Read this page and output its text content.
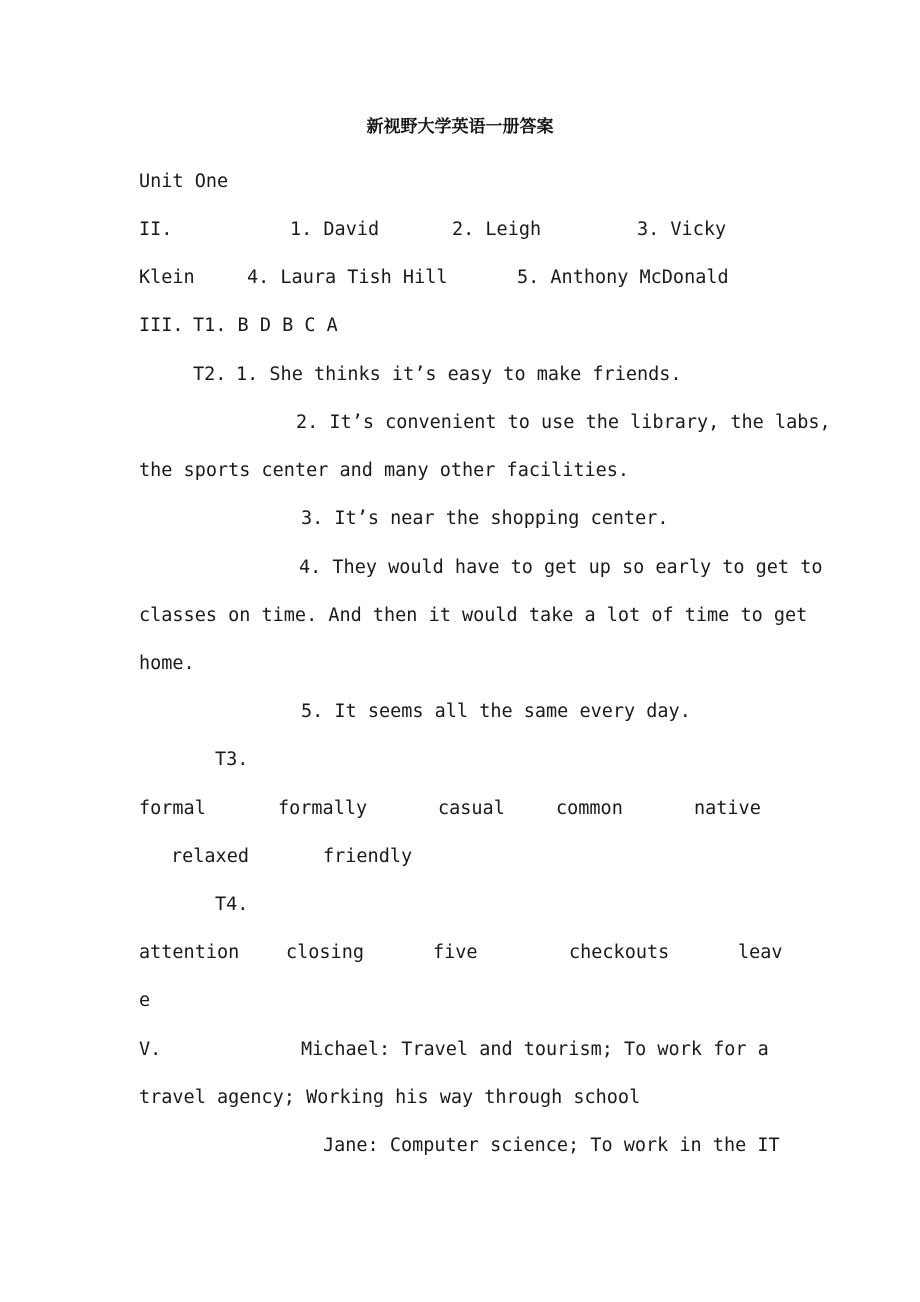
新视野大学英语一册答案
Unit One
II.	1. David	2. Leigh	3. Vicky
Klein	4. Laura Tish Hill	5. Anthony McDonald
III. T1. B D B C A
T2. 1. She thinks it’s easy to make friends.
2. It’s convenient to use the library, the labs,
the sports center and many other facilities.
3. It’s near the shopping center.
4. They would have to get up so early to get to
classes on time. And then it would take a lot of time to get
home.
5. It seems all the same every day.
T3.
formal	formally	casual	common	native
relaxed	friendly
T4.
attention	closing	five	checkouts	leav
e
V.	Michael: Travel and tourism; To work for a
travel agency; Working his way through school
Jane: Computer science; To work in the IT
